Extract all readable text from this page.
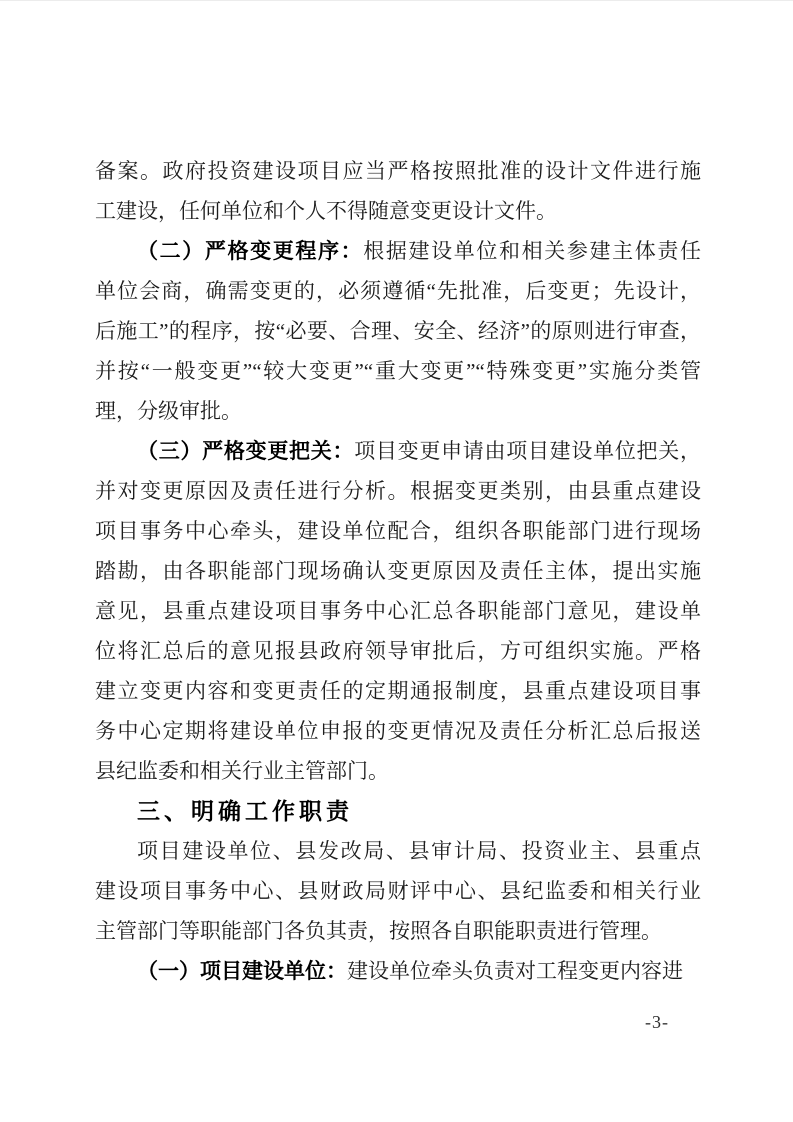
备案。政府投资建设项目应当严格按照批准的设计文件进行施
工建设，任何单位和个人不得随意变更设计文件。
（二）严格变更程序：根据建设单位和相关参建主体责任
单位会商，确需变更的，必须遵循“先批准，后变更；先设计，
后施工”的程序，按“必要、合理、安全、经济”的原则进行审查，
并按“一般变更”“较大变更”“重大变更”“特殊变更”实施分类管
理，分级审批。
（三）严格变更把关：项目变更申请由项目建设单位把关，
并对变更原因及责任进行分析。根据变更类别，由县重点建设
项目事务中心牵头，建设单位配合，组织各职能部门进行现场
踏勘，由各职能部门现场确认变更原因及责任主体，提出实施
意见，县重点建设项目事务中心汇总各职能部门意见，建设单
位将汇总后的意见报县政府领导审批后，方可组织实施。严格
建立变更内容和变更责任的定期通报制度，县重点建设项目事
务中心定期将建设单位申报的变更情况及责任分析汇总后报送
县纪监委和相关行业主管部门。
三、明确工作职责
项目建设单位、县发改局、县审计局、投资业主、县重点
建设项目事务中心、县财政局财评中心、县纪监委和相关行业
主管部门等职能部门各负其责，按照各自职能职责进行管理。
（一）项目建设单位：建设单位牵头负责对工程变更内容进
-3-
